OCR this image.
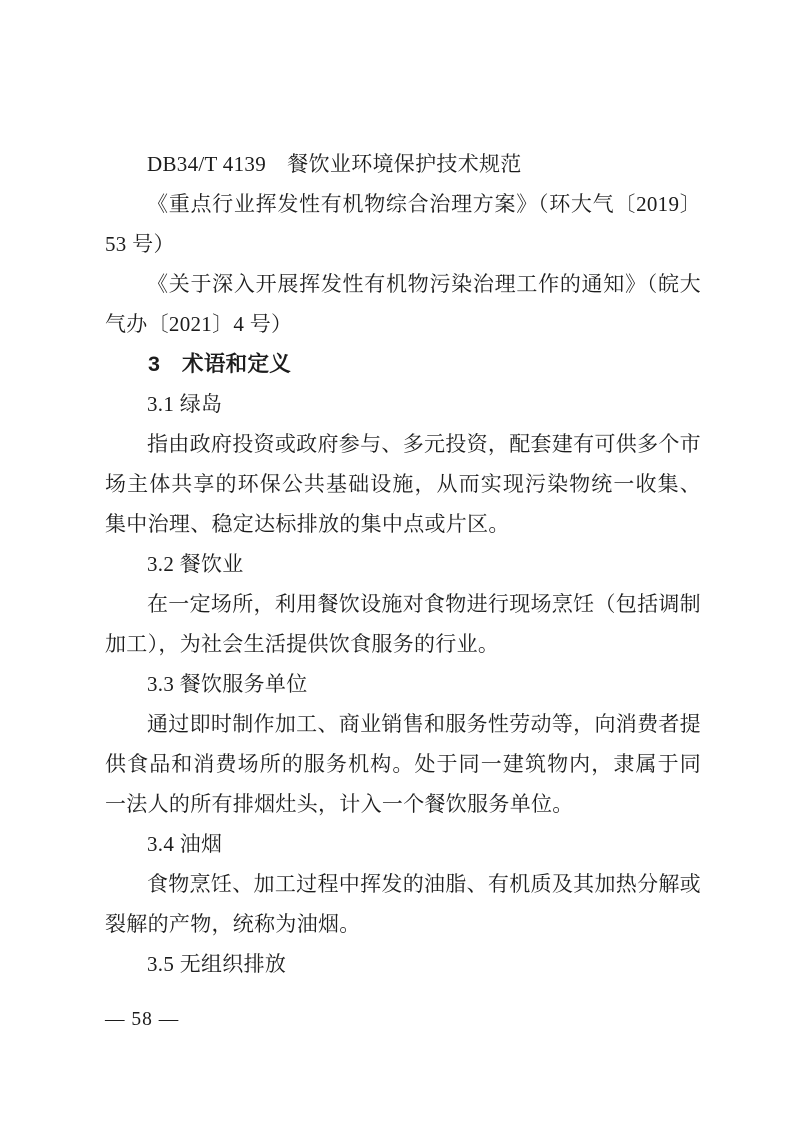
DB34/T 4139　餐饮业环境保护技术规范

《重点行业挥发性有机物综合治理方案》（环大气〔2019〕53 号）

《关于深入开展挥发性有机物污染治理工作的通知》（皖大气办〔2021〕4 号）

3　术语和定义

3.1 绿岛

指由政府投资或政府参与、多元投资，配套建有可供多个市场主体共享的环保公共基础设施，从而实现污染物统一收集、集中治理、稳定达标排放的集中点或片区。

3.2 餐饮业

在一定场所，利用餐饮设施对食物进行现场烹饪（包括调制加工），为社会生活提供饮食服务的行业。

3.3 餐饮服务单位

通过即时制作加工、商业销售和服务性劳动等，向消费者提供食品和消费场所的服务机构。处于同一建筑物内，隶属于同一法人的所有排烟灶头，计入一个餐饮服务单位。

3.4 油烟

食物烹饪、加工过程中挥发的油脂、有机质及其加热分解或裂解的产物，统称为油烟。

3.5 无组织排放

— 58 —
